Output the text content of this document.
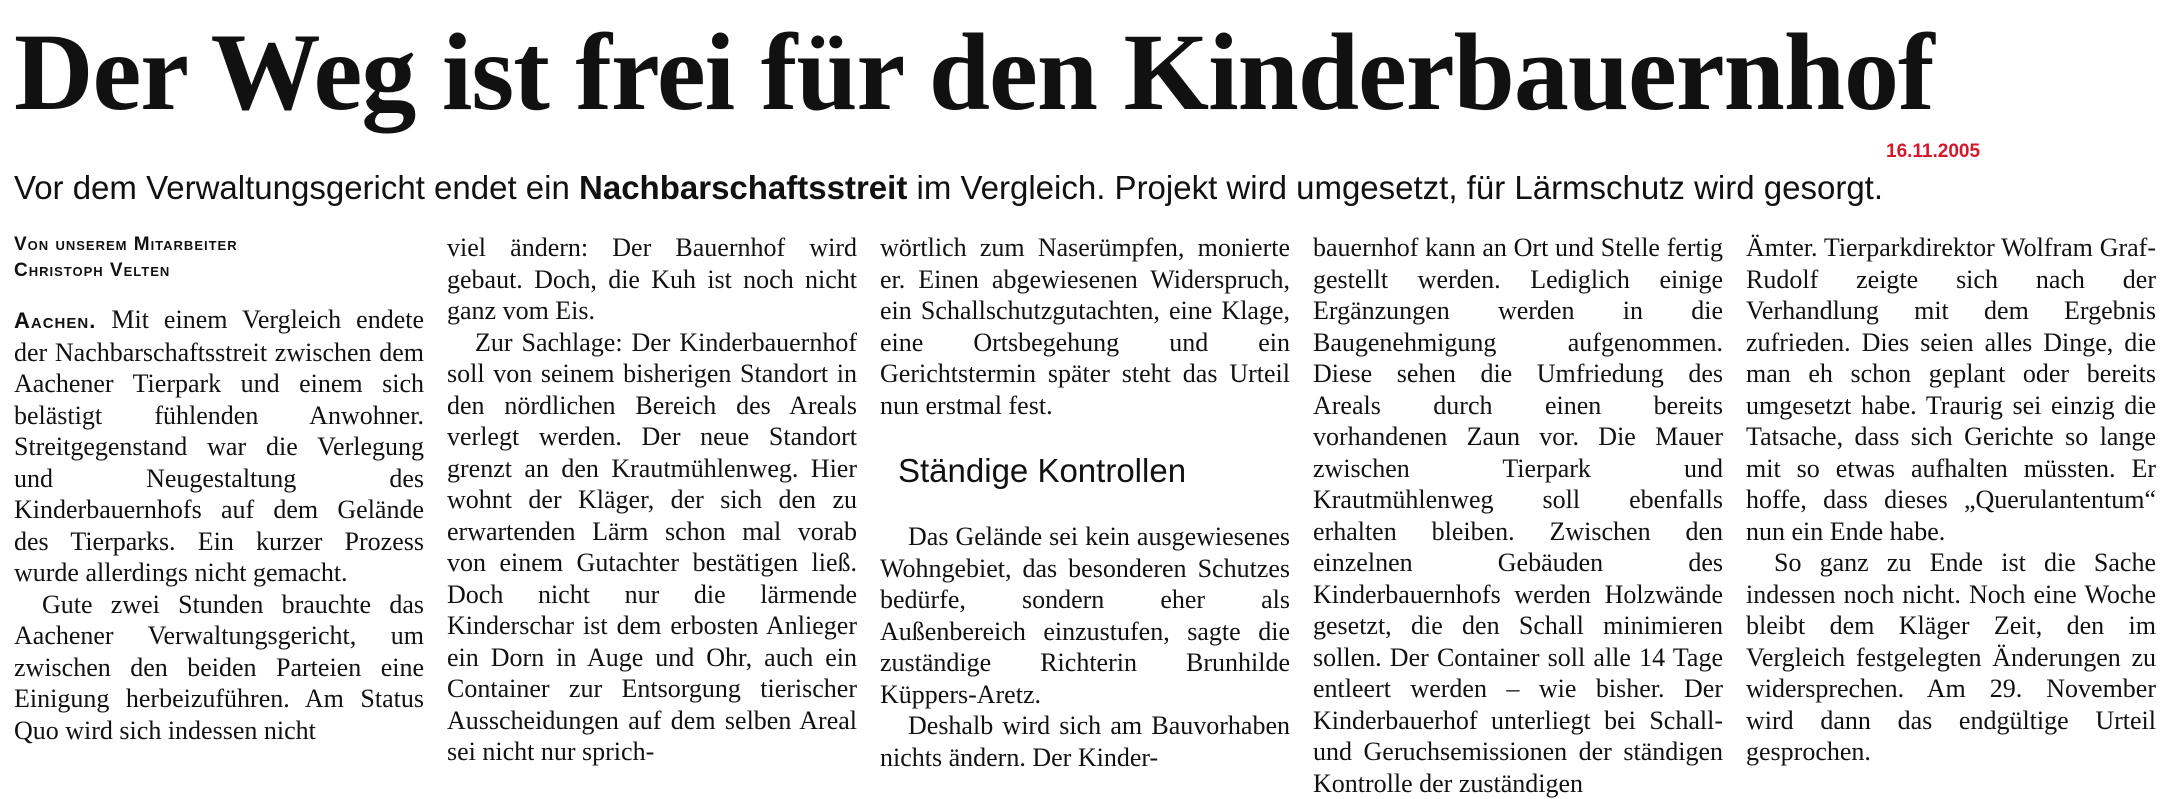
Der Weg ist frei für den Kinderbauernhof
16.11.2005

Vor dem Verwaltungsgericht endet ein Nachbarschaftsstreit im Vergleich. Projekt wird umgesetzt, für Lärmschutz wird gesorgt.

Von unserem Mitarbeiter
Christoph Velten

Aachen. Mit einem Vergleich endete der Nachbarschaftsstreit zwischen dem Aachener Tierpark und einem sich belästigt fühlenden Anwohner. Streitgegenstand war die Verlegung und Neugestaltung des Kinderbauernhofs auf dem Gelände des Tierparks. Ein kurzer Prozess wurde allerdings nicht gemacht.

Gute zwei Stunden brauchte das Aachener Verwaltungsgericht, um zwischen den beiden Parteien eine Einigung herbeizuführen. Am Status Quo wird sich indessen nicht

viel ändern: Der Bauernhof wird gebaut. Doch, die Kuh ist noch nicht ganz vom Eis.

Zur Sachlage: Der Kinderbauernhof soll von seinem bisherigen Standort in den nördlichen Bereich des Areals verlegt werden. Der neue Standort grenzt an den Krautmühlenweg. Hier wohnt der Kläger, der sich den zu erwartenden Lärm schon mal vorab von einem Gutachter bestätigen ließ. Doch nicht nur die lärmende Kinderschar ist dem erbosten Anlieger ein Dorn in Auge und Ohr, auch ein Container zur Entsorgung tierischer Ausscheidungen auf dem selben Areal sei nicht nur sprich-

wörtlich zum Naserümpfen, monierte er. Einen abgewiesenen Widerspruch, ein Schallschutzgutachten, eine Klage, eine Ortsbegehung und ein Gerichtstermin später steht das Urteil nun erstmal fest.

Ständige Kontrollen

Das Gelände sei kein ausgewiesenes Wohngebiet, das besonderen Schutzes bedürfe, sondern eher als Außenbereich einzustufen, sagte die zuständige Richterin Brunhilde Küppers-Aretz.

Deshalb wird sich am Bauvorhaben nichts ändern. Der Kinder-

bauernhof kann an Ort und Stelle fertig gestellt werden. Lediglich einige Ergänzungen werden in die Baugenehmigung aufgenommen. Diese sehen die Umfriedung des Areals durch einen bereits vorhandenen Zaun vor. Die Mauer zwischen Tierpark und Krautmühlenweg soll ebenfalls erhalten bleiben. Zwischen den einzelnen Gebäuden des Kinderbauernhofs werden Holzwände gesetzt, die den Schall minimieren sollen. Der Container soll alle 14 Tage entleert werden – wie bisher. Der Kinderbauerhof unterliegt bei Schall- und Geruchsemissionen der ständigen Kontrolle der zuständigen

Ämter. Tierparkdirektor Wolfram Graf-Rudolf zeigte sich nach der Verhandlung mit dem Ergebnis zufrieden. Dies seien alles Dinge, die man eh schon geplant oder bereits umgesetzt habe. Traurig sei einzig die Tatsache, dass sich Gerichte so lange mit so etwas aufhalten müssten. Er hoffe, dass dieses „Querulantentum“ nun ein Ende habe.

So ganz zu Ende ist die Sache indessen noch nicht. Noch eine Woche bleibt dem Kläger Zeit, den im Vergleich festgelegten Änderungen zu widersprechen. Am 29. November wird dann das endgültige Urteil gesprochen.
